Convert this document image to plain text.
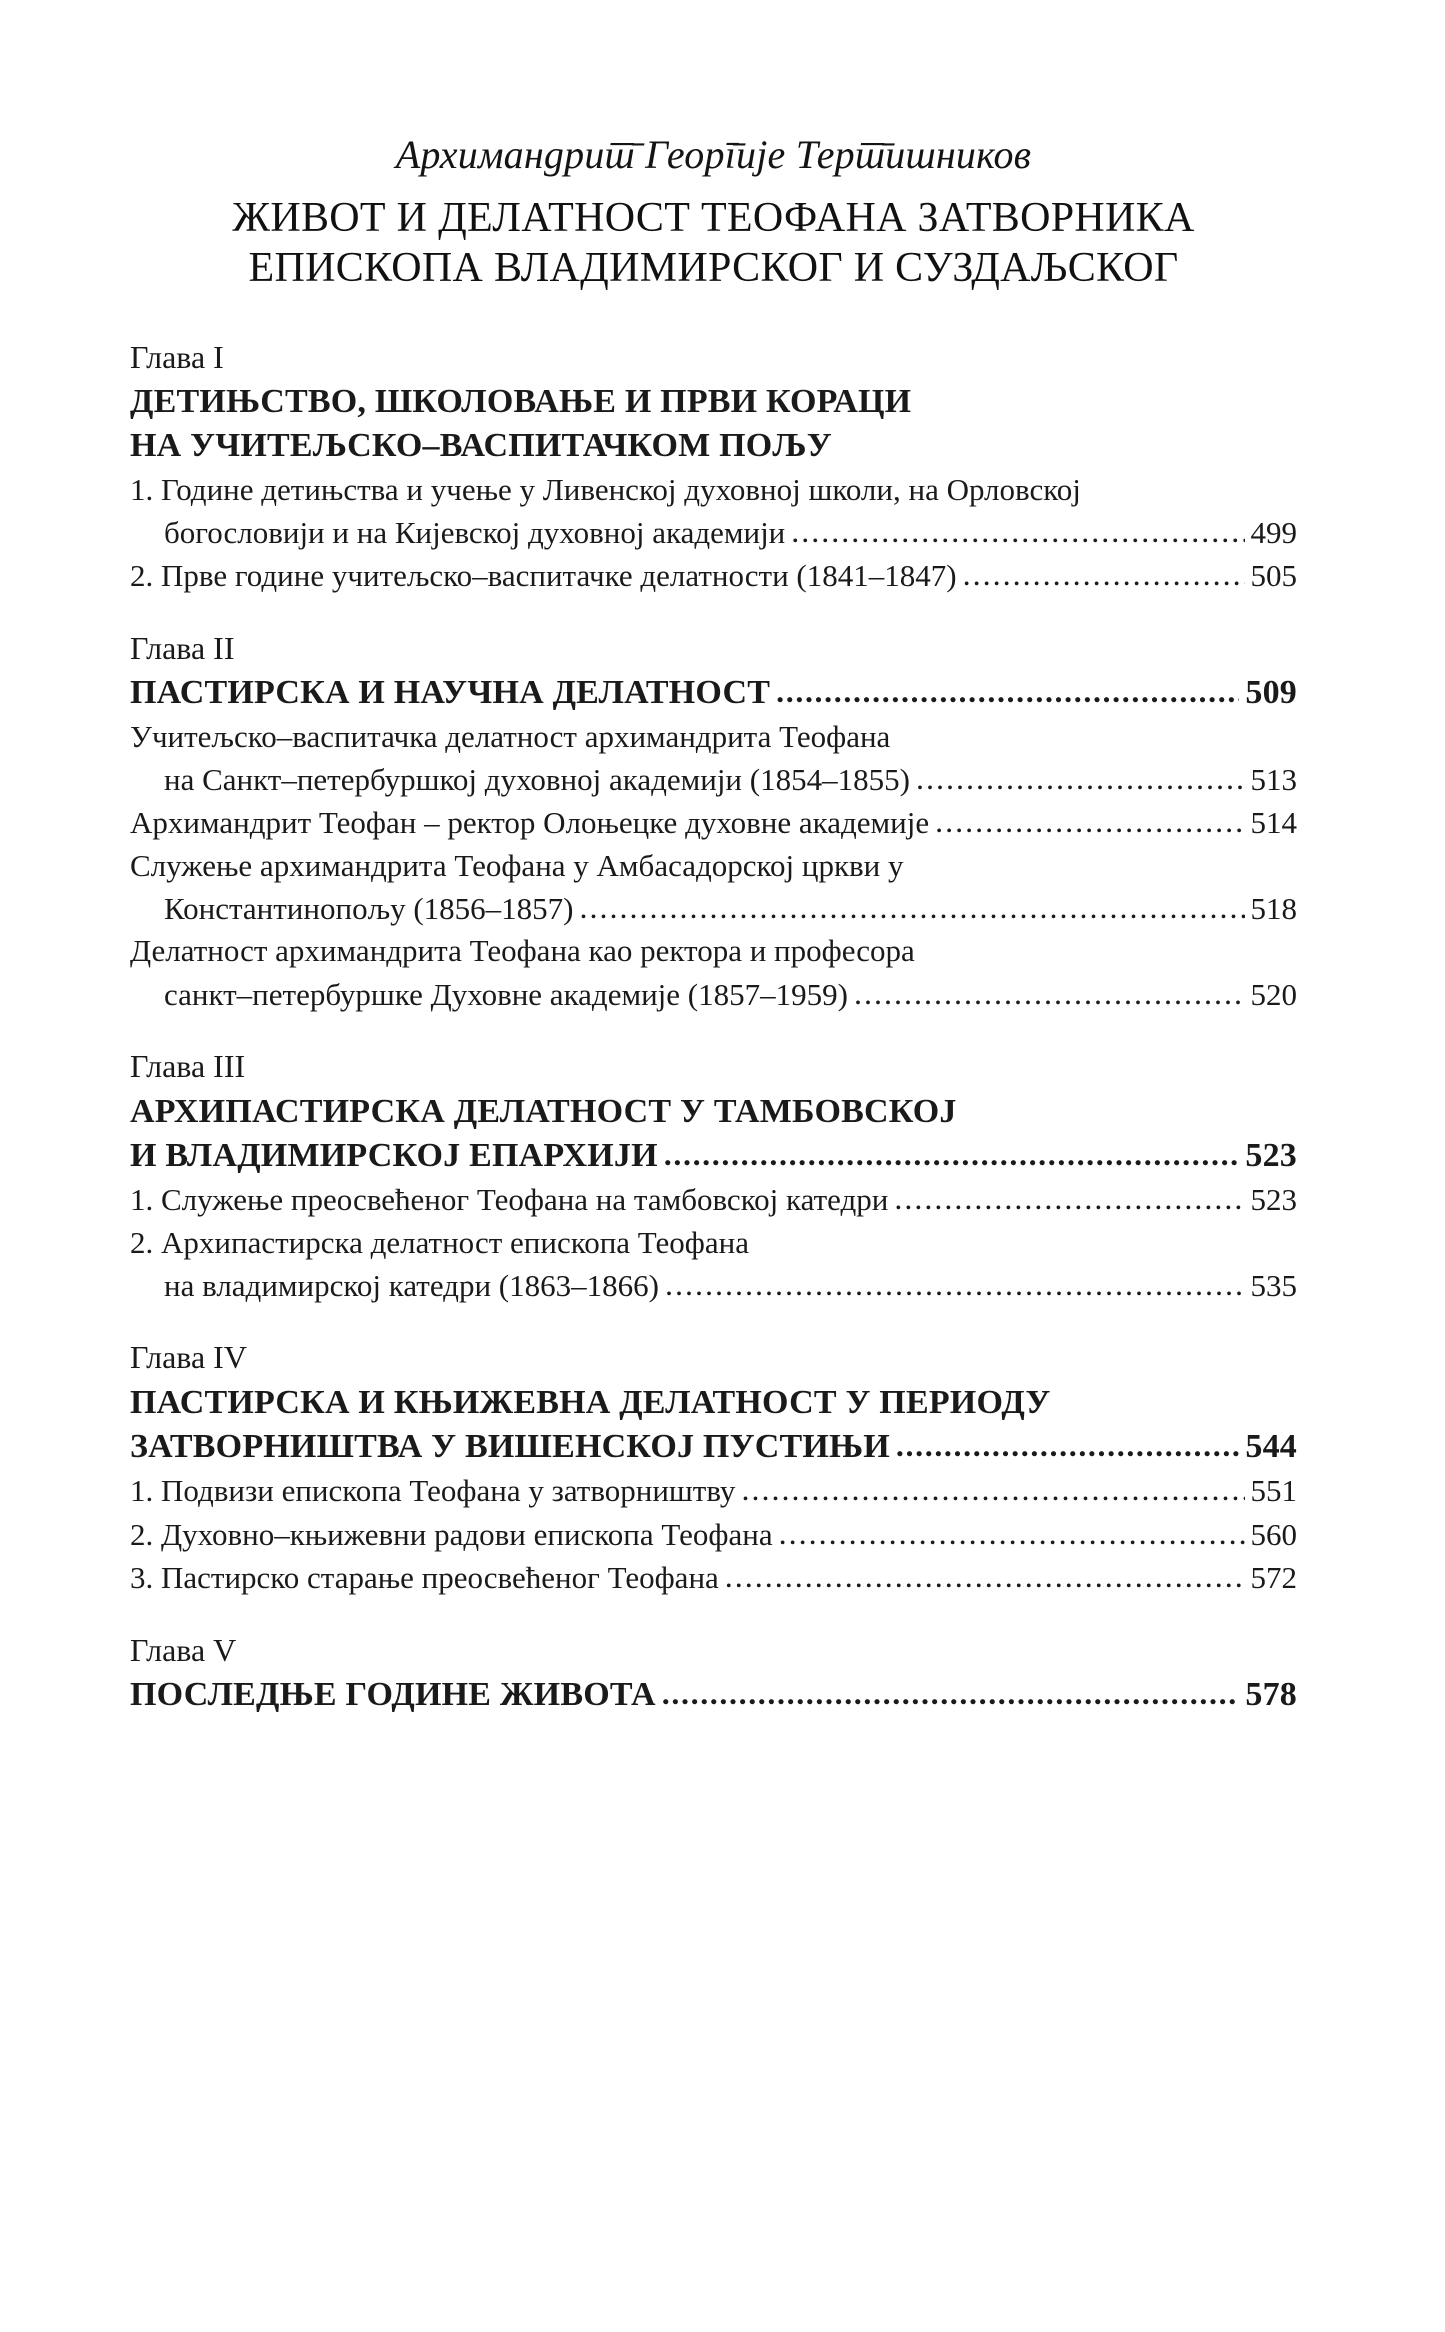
Архимандрит̄ Георг̄ије Терт̄ишников
ЖИВОТ И ДЕЛАТНОСТ ТЕОФАНА ЗАТВОРНИКА
ЕПИСКОПА ВЛАДИМИРСКОГ И СУЗДАЉСКОГ
Глава I
ДЕТИЊСТВО, ШКОЛОВАЊЕ И ПРВИ КОРАЦИ
НА УЧИТЕЉСКО–ВАСПИТАЧКОМ ПОЉУ
1. Године детињства и учење у Ливенској духовној школи, на Орловској
богословији и на Кијевској духовној академији .....	499
2. Прве године учитељско–васпитачке делатности (1841–1847) .....	505
Глава II
ПАСТИРСКА И НАУЧНА ДЕЛАТНОСТ .....	509
Учитељско–васпитачка делатност архимандрита Теофана
на Санкт–петербуршкој духовној академији (1854–1855) .....	513
Архимандрит Теофан – ректор Олоњецке духовне академије .....	514
Служење архимандрита Теофана у Амбасадорској цркви у
Константинопољу (1856–1857) .....	518
Делатност архимандрита Теофана као ректора и професора
санкт–петербуршке Духовне академије (1857–1959) .....	520
Глава III
АРХИПАСТИРСКА ДЕЛАТНОСТ У ТАМБОВСКОЈ
И ВЛАДИМИРСКОЈ ЕПАРХИЈИ .....	523
1. Служење преосвећеног Теофана на тамбовској катедри .....	523
2. Архипастирска делатност епископа Теофана
на владимирској катедри (1863–1866) .....	535
Глава IV
ПАСТИРСКА И КЊИЖЕВНА ДЕЛАТНОСТ У ПЕРИОДУ
ЗАТВОРНИШТВА У ВИШЕНСКОЈ ПУСТИЊИ .....	544
1. Подвизи епископа Теофана у затворништву .....	551
2. Духовно–књижевни радови епископа Теофана .....	560
3. Пастирско старање преосвећеног Теофана .....	572
Глава V
ПОСЛЕДЊЕ ГОДИНЕ ЖИВОТА .....	578
